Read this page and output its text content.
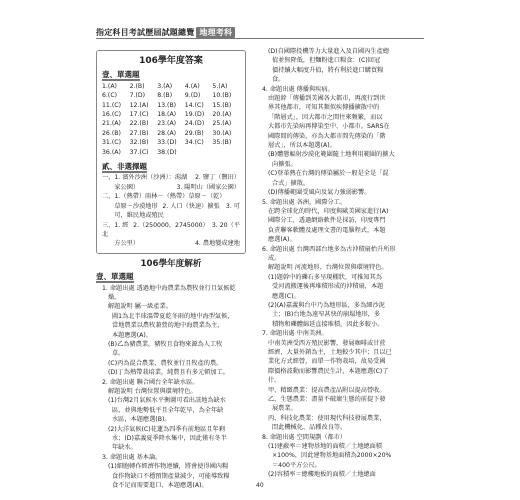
指定科目考試歷屆試題總覽 地理考科
106學年度答案
壹、單選題
1.(A)	2.(B)	3.(A)	4.(A)	5.(A)
6.(C)	7.(D)	8.(B)	9.(D)	10.(B)
11.(C)	12.(A)	13.(B)	14.(C)	15.(B)
16.(C)	17.(C)	18.(A)	19.(D)	20.(A)
21.(A)	22.(B)	23.(A)	24.(D)	25.(A)
26.(B)	27.(B)	28.(A)	29.(B)	30.(A)
31.(C)	32.(B)	33.(D)	34.(C)	35.(B)
36.(A)	37.(C)	38.(D)
貳、非選擇題
一、1. 濱外沙洲（沙洲）：潟湖	2. 鹽丁（鹽田）
　　家公園）	3. 陽明山（國家公園）
二、1.（熱帶）雨林－（熱帶）草原－（乾）
　　草原－沙漠地形 2. 人口（快速）擴張　3. 可
　　可，維民地或殖民
三、1. 經北
2.（250000，2745000）　3. 20（平
　　方公里）	4. 農地變成建地
106學年度解析
壹、單選題
1. 命題出處 透過地中海農業為農牧並行且氣候乾
燥。
解題說明 屬一級產業。
圖1為北半球溫帶夏乾冬雨的地中海型氣候，
當地農業以農牧兼營的地中海農業為主，
本題應選(A)。
(B)乙為豬農業，豬牧且食物來源為人工牧
草。
(C)丙為混合農業，農牧並行且牧產的農。
(D)丁為熱帶栽培業，純農且有多元頓加工。
2. 命題出處 聯合國台全年缺水區。
解題說明 台灣位置與環境特色。
(1)台灣2月氣候水平衡圖可看出該地為缺水
區，並與地勢低平且全年乾旱，為全年缺
水區，本題應選(B)。
(2)大洋氣候(C)花蓮為四季有前地區且年剩
水；(D)嘉義夏季降水集中，因此僅有冬半
年缺水。
3. 命題出處 基本論。
(1)細胞轉作經濟作物連續，將會使得國內糧
食作物缺口不穩預期產量減少，可能導致糧
食不足而需要進口，本題應選(A)。
(D)自國際投機等力大量進入及自國內生產總
值並無降低，但麵粉進口糧食：(C)回冠
價持續大幅度升值，將有利於進口購買糧
食。
4. 命題出處 傳播與疾病。
由題幹「傳播到美國各大都市，再流行到世
界其他都市，可知其類似疾傳播擴散中的
「階層式」，因大都市之間往來頻繁，而以
大都市先染病再傳染至中、小都市。SARS在
國際間的傳染，亦為大都市間先傳染的「階
層式」，所以本題選(A)。
(B)體態輻射沙漠化範圍隨土地利用範圍的擴大
向擴張。
(C)登革熱在台灣的傳染屬於一般是全是「混
合式」擴散。
(D)傳播範圍受風向及氣力強弱影響。
5. 命題出處 各洲，國際分工。
在跨全球化的時代，印度與歐美國家進行(A)
國際分工，透過網絡軟件是採訪，印度專門
負責聯客軟體及處理文書的電腦程式，本題
應選(A)。
6. 命題出處 台灣西部台地多為古沖積扇抬升所形
成。
解題說明 河流地形、台灣位置與環境特色。
(1)題幹中的礫石多呈現棚狀，可推知其為
受河流搬運後再堆積形成的沖積扇，本題
應選(C)。
(2)(A)嘉義與台中乃為地形區，多為細沙泥
土；(B)台地為遠窄甚快的崩塌地形，多
積物和礫體綿延直接堆積，因此多較小。
7. 命題出處 中南美洲。
中南美洲受西方殖民影響，發展咖啡或甘蔗
經濟，大量外銷為主，土地較少其中；且以已
業化方式經營，而單一作物栽培，故易受國
際價格波動而影響農民生計，本題應選(C)了
什。
甲、精緻農業：提高農產品附以提高營收。
乙、生態農業：盡量不破壞生態的前提下發
展農業。
丙、科技化農業：使用現代科技發展農業，
問此機械化、品種改良等。
8. 命題出處 空間規劃（都市）
(1)建蔽率＝建物基地的面積／土地總面積
×100%，因此建物基地面積為2000×20%
＝400平方公尺。
(2)容積率＝總樓地板的面積／土地總面
40
